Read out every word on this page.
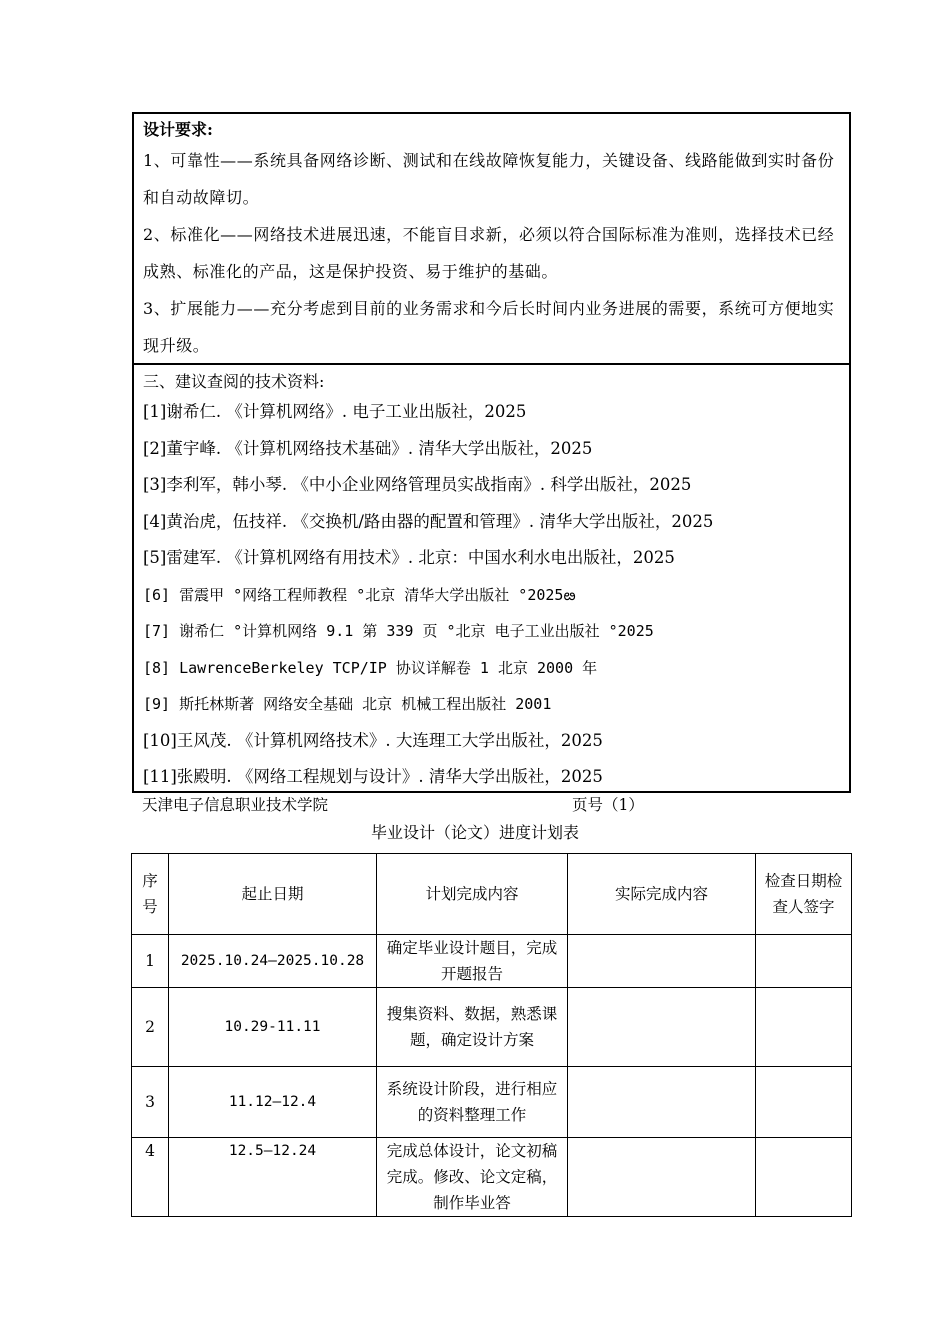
设计要求:
1、可靠性——系统具备网络诊断、测试和在线故障恢复能力，关键设备、线路能做到实时备份和自动故障切。
2、标准化——网络技术进展迅速，不能盲目求新，必须以符合国际标准为准则，选择技术已经成熟、标准化的产品，这是保护投资、易于维护的基础。
3、扩展能力——充分考虑到目前的业务需求和今后长时间内业务进展的需要，系统可方便地实现升级。
三、建议查阅的技术资料:
[1]谢希仁. 《计算机网络》. 电子工业出版社，2025
[2]董宇峰. 《计算机网络技术基础》. 清华大学出版社，2025
[3]李利军，韩小琴. 《中小企业网络管理员实战指南》. 科学出版社，2025
[4]黄治虎，伍技祥. 《交换机/路由器的配置和管理》. 清华大学出版社，2025
[5]雷建军. 《计算机网络有用技术》. 北京：中国水利水电出版社，2025
[6] 雷震甲 °网络工程师教程 °北京 清华大学出版社 °2025ఴ
[7] 谢希仁 °计算机网络 9.1 第 339 页 °北京 电子工业出版社 °2025
[8] LawrenceBerkeley TCP/IP 协议详解卷 1 北京 2000 年
[9] 斯托林斯著 网络安全基础 北京 机械工程出版社 2001
[10]王风茂. 《计算机网络技术》. 大连理工大学出版社，2025
[11]张殿明. 《网络工程规划与设计》. 清华大学出版社，2025
天津电子信息职业技术学院	页号（1）
毕业设计（论文）进度计划表
序号	起止日期	计划完成内容	实际完成内容	检查日期检查人签字
1	2025.10.24—2025.10.28	确定毕业设计题目，完成开题报告		
2	10.29-11.11	搜集资料、数据，熟悉课题，确定设计方案		
3	11.12—12.4	系统设计阶段，进行相应的资料整理工作		
4	12.5—12.24	完成总体设计，论文初稿完成。修改、论文定稿，制作毕业答		
